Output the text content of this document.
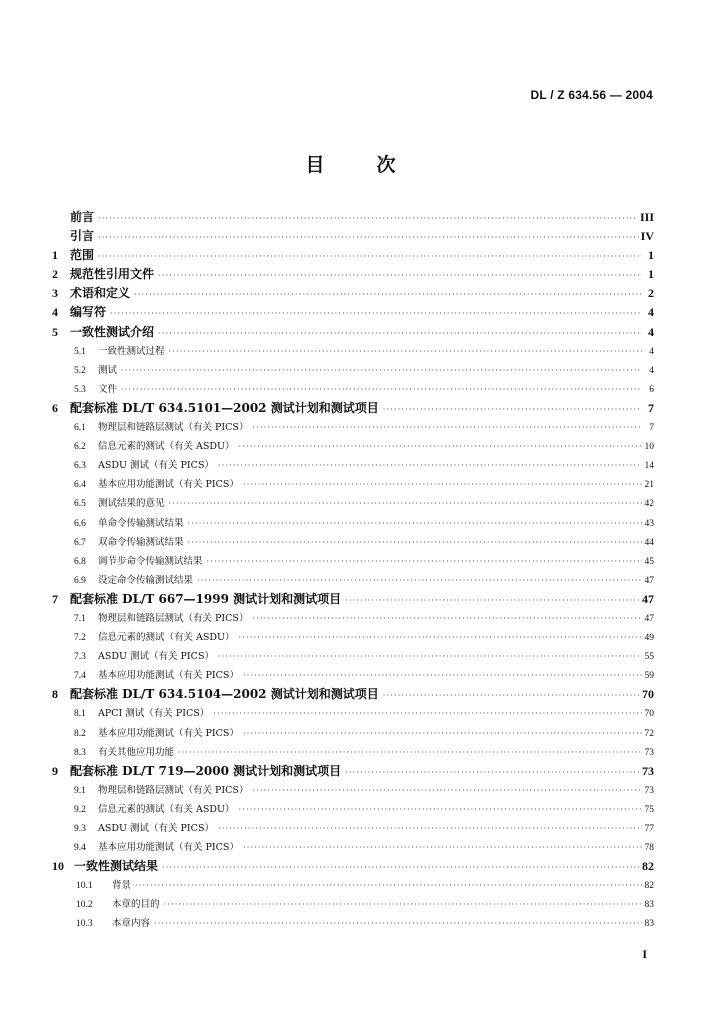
DL / Z 634.56 — 2004
目	次
前言 ·····	III
引言 ·····	IV
1	范围 ·····	1
2	规范性引用文件 ·····	1
3	术语和定义 ·····	2
4	编写符 ·····	4
5	一致性测试介绍 ·····	4
5.1	一致性测试过程 ·····	4
5.2	测试 ·····	4
5.3	文件 ·····	6
6	配套标准 DL/T 634.5101—2002 测试计划和测试项目 ·····	7
6.1	物理层和链路层测试（有关 PICS） ·····	7
6.2	信息元素的测试（有关 ASDU） ·····	10
6.3	ASDU 测试（有关 PICS） ·····	14
6.4	基本应用功能测试（有关 PICS） ·····	21
6.5	测试结果的意见 ·····	42
6.6	单命令传输测试结果 ·····	43
6.7	双命令传输测试结果 ·····	44
6.8	调节步命令传输测试结果 ·····	45
6.9	设定命令传输测试结果 ·····	47
7	配套标准 DL/T 667—1999 测试计划和测试项目 ·····	47
7.1	物理层和链路层测试（有关 PICS） ·····	47
7.2	信息元素的测试（有关 ASDU） ·····	49
7.3	ASDU 测试（有关 PICS） ·····	55
7.4	基本应用功能测试（有关 PICS） ·····	59
8	配套标准 DL/T 634.5104—2002 测试计划和测试项目 ·····	70
8.1	APCI 测试（有关 PICS） ·····	70
8.2	基本应用功能测试（有关 PICS） ·····	72
8.3	有关其他应用功能 ·····	73
9	配套标准 DL/T 719—2000 测试计划和测试项目 ·····	73
9.1	物理层和链路层测试（有关 PICS） ·····	73
9.2	信息元素的测试（有关 ASDU） ·····	75
9.3	ASDU 测试（有关 PICS） ·····	77
9.4	基本应用功能测试（有关 PICS） ·····	78
10 一致性测试结果 ·····	82
10.1	背景 ·····	82
10.2	本章的目的 ·····	83
10.3	本章内容 ·····	83
I
